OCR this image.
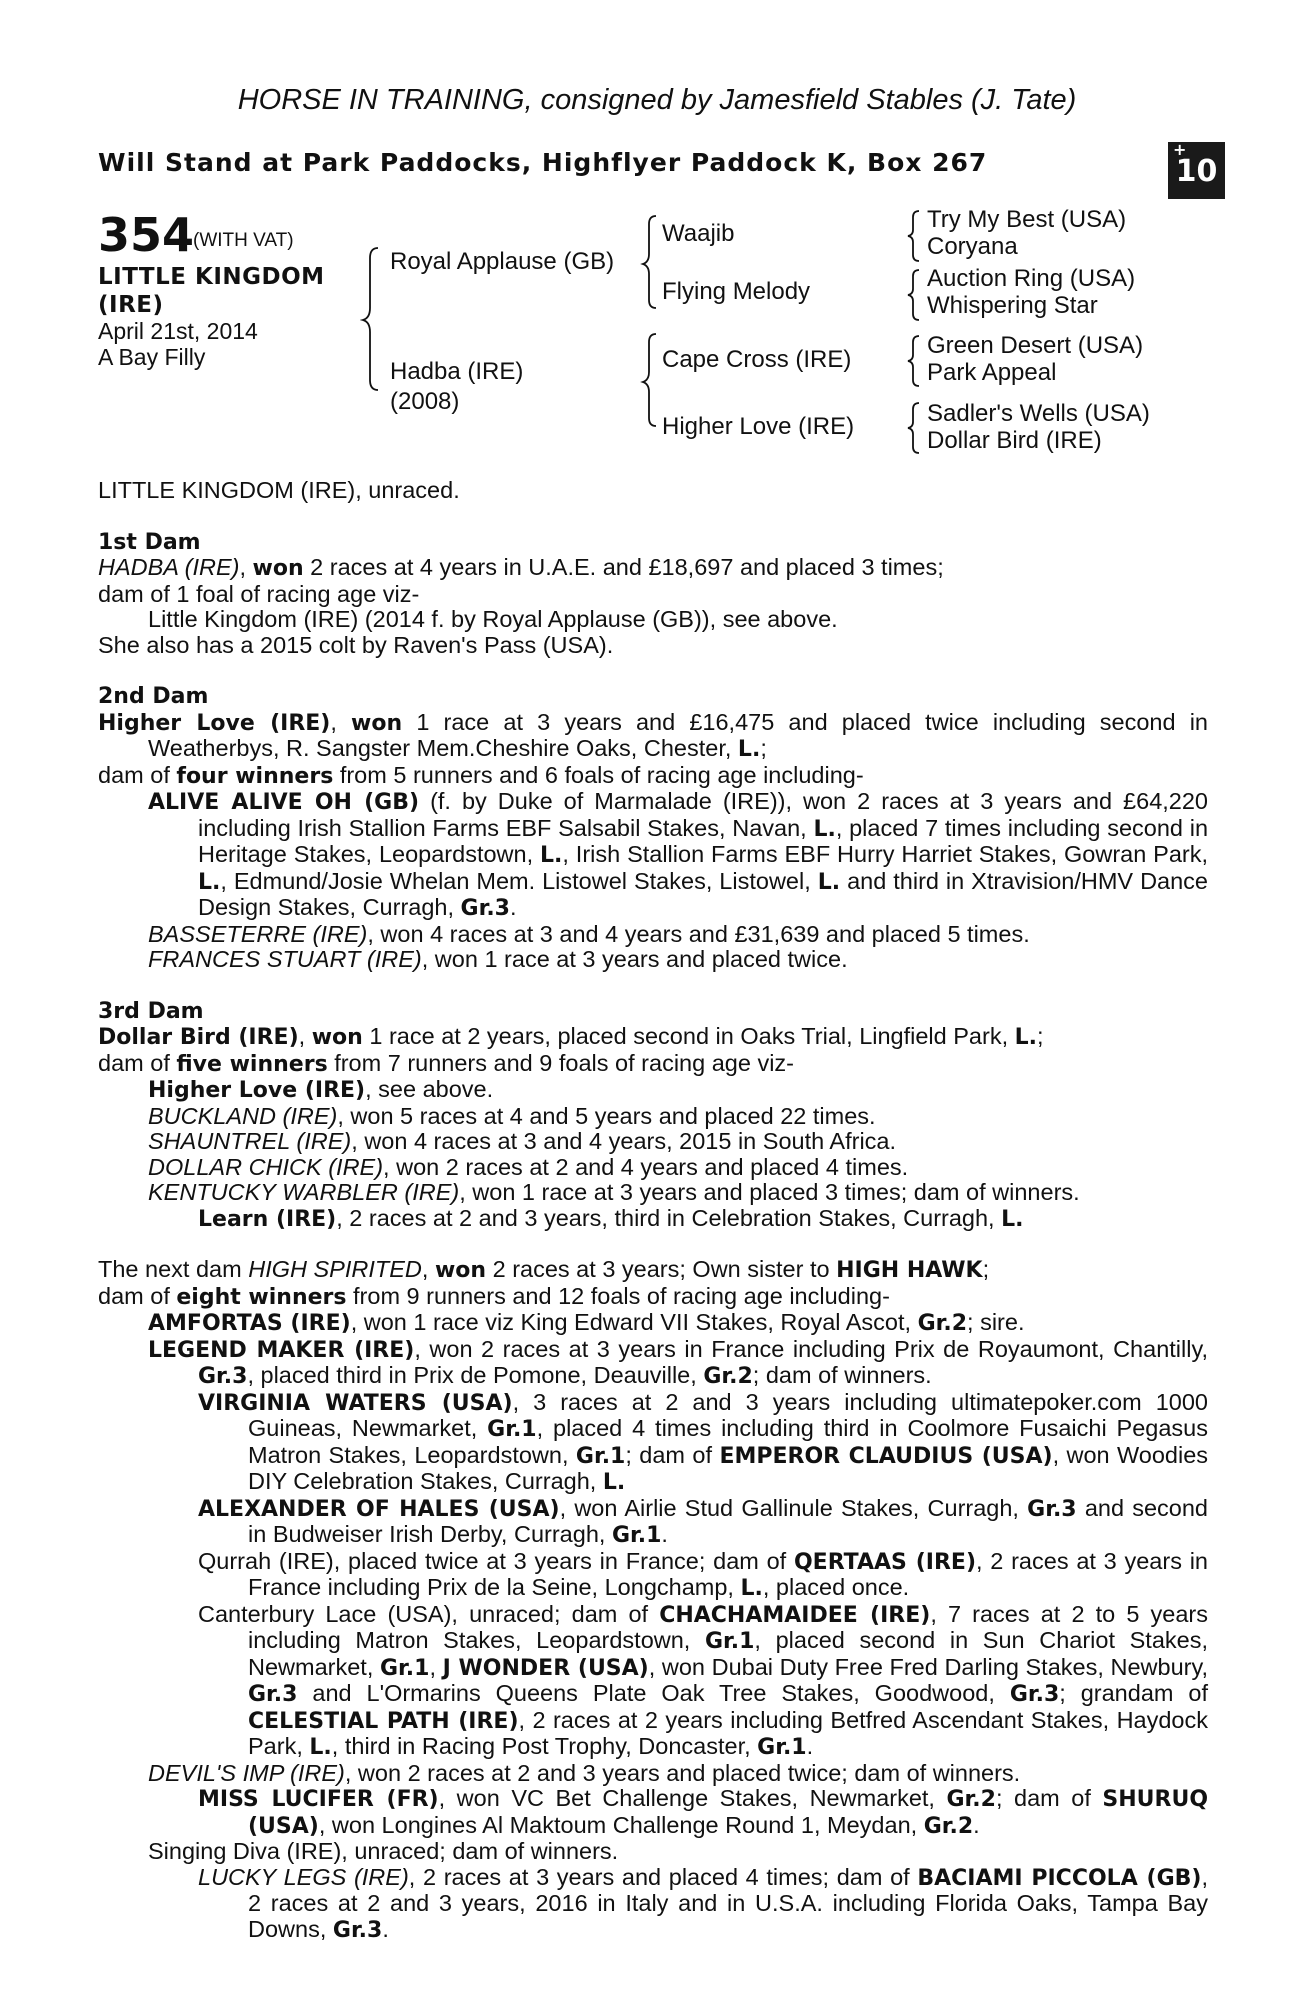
HORSE IN TRAINING, consigned by Jamesfield Stables (J. Tate)
Will Stand at Park Paddocks, Highflyer Paddock K, Box 267	+
10
354
(WITH VAT)
LITTLE KINGDOM
(IRE)
April 21st, 2014
A Bay Filly
Royal Applause (GB)
Hadba (IRE)
(2008)
Waajib
Flying Melody
Cape Cross (IRE)
Higher Love (IRE)
Try My Best (USA)
Coryana
Auction Ring (USA)
Whispering Star
Green Desert (USA)
Park Appeal
Sadler's Wells (USA)
Dollar Bird (IRE)

LITTLE KINGDOM (IRE), unraced.

1st Dam

HADBA (IRE), won 2 races at 4 years in U.A.E. and £18,697 and placed 3 times;

dam of 1 foal of racing age viz-

Little Kingdom (IRE) (2014 f. by Royal Applause (GB)), see above.

She also has a 2015 colt by Raven's Pass (USA).

2nd Dam

Higher Love (IRE), won 1 race at 3 years and £16,475 and placed twice including second in Weatherbys, R. Sangster Mem.Cheshire Oaks, Chester, L.;

dam of four winners from 5 runners and 6 foals of racing age including-

ALIVE ALIVE OH (GB) (f. by Duke of Marmalade (IRE)), won 2 races at 3 years and £64,220 including Irish Stallion Farms EBF Salsabil Stakes, Navan, L., placed 7 times including second in Heritage Stakes, Leopardstown, L., Irish Stallion Farms EBF Hurry Harriet Stakes, Gowran Park, L., Edmund/Josie Whelan Mem. Listowel Stakes, Listowel, L. and third in Xtravision/HMV Dance Design Stakes, Curragh, Gr.3.

BASSETERRE (IRE), won 4 races at 3 and 4 years and £31,639 and placed 5 times.

FRANCES STUART (IRE), won 1 race at 3 years and placed twice.

3rd Dam

Dollar Bird (IRE), won 1 race at 2 years, placed second in Oaks Trial, Lingfield Park, L.;

dam of five winners from 7 runners and 9 foals of racing age viz-

Higher Love (IRE), see above.

BUCKLAND (IRE), won 5 races at 4 and 5 years and placed 22 times.

SHAUNTREL (IRE), won 4 races at 3 and 4 years, 2015 in South Africa.

DOLLAR CHICK (IRE), won 2 races at 2 and 4 years and placed 4 times.

KENTUCKY WARBLER (IRE), won 1 race at 3 years and placed 3 times; dam of winners.

Learn (IRE), 2 races at 2 and 3 years, third in Celebration Stakes, Curragh, L.

The next dam HIGH SPIRITED, won 2 races at 3 years; Own sister to HIGH HAWK;

dam of eight winners from 9 runners and 12 foals of racing age including-

AMFORTAS (IRE), won 1 race viz King Edward VII Stakes, Royal Ascot, Gr.2; sire.

LEGEND MAKER (IRE), won 2 races at 3 years in France including Prix de Royaumont, Chantilly, Gr.3, placed third in Prix de Pomone, Deauville, Gr.2; dam of winners.

VIRGINIA WATERS (USA), 3 races at 2 and 3 years including ultimatepoker.com 1000 Guineas, Newmarket, Gr.1, placed 4 times including third in Coolmore Fusaichi Pegasus Matron Stakes, Leopardstown, Gr.1; dam of EMPEROR CLAUDIUS (USA), won Woodies DIY Celebration Stakes, Curragh, L.

ALEXANDER OF HALES (USA), won Airlie Stud Gallinule Stakes, Curragh, Gr.3 and second in Budweiser Irish Derby, Curragh, Gr.1.

Qurrah (IRE), placed twice at 3 years in France; dam of QERTAAS (IRE), 2 races at 3 years in France including Prix de la Seine, Longchamp, L., placed once.

Canterbury Lace (USA), unraced; dam of CHACHAMAIDEE (IRE), 7 races at 2 to 5 years including Matron Stakes, Leopardstown, Gr.1, placed second in Sun Chariot Stakes, Newmarket, Gr.1, J WONDER (USA), won Dubai Duty Free Fred Darling Stakes, Newbury, Gr.3 and L'Ormarins Queens Plate Oak Tree Stakes, Goodwood, Gr.3; grandam of CELESTIAL PATH (IRE), 2 races at 2 years including Betfred Ascendant Stakes, Haydock Park, L., third in Racing Post Trophy, Doncaster, Gr.1.

DEVIL'S IMP (IRE), won 2 races at 2 and 3 years and placed twice; dam of winners.

MISS LUCIFER (FR), won VC Bet Challenge Stakes, Newmarket, Gr.2; dam of SHURUQ (USA), won Longines Al Maktoum Challenge Round 1, Meydan, Gr.2.

Singing Diva (IRE), unraced; dam of winners.

LUCKY LEGS (IRE), 2 races at 3 years and placed 4 times; dam of BACIAMI PICCOLA (GB), 2 races at 2 and 3 years, 2016 in Italy and in U.S.A. including Florida Oaks, Tampa Bay Downs, Gr.3.
